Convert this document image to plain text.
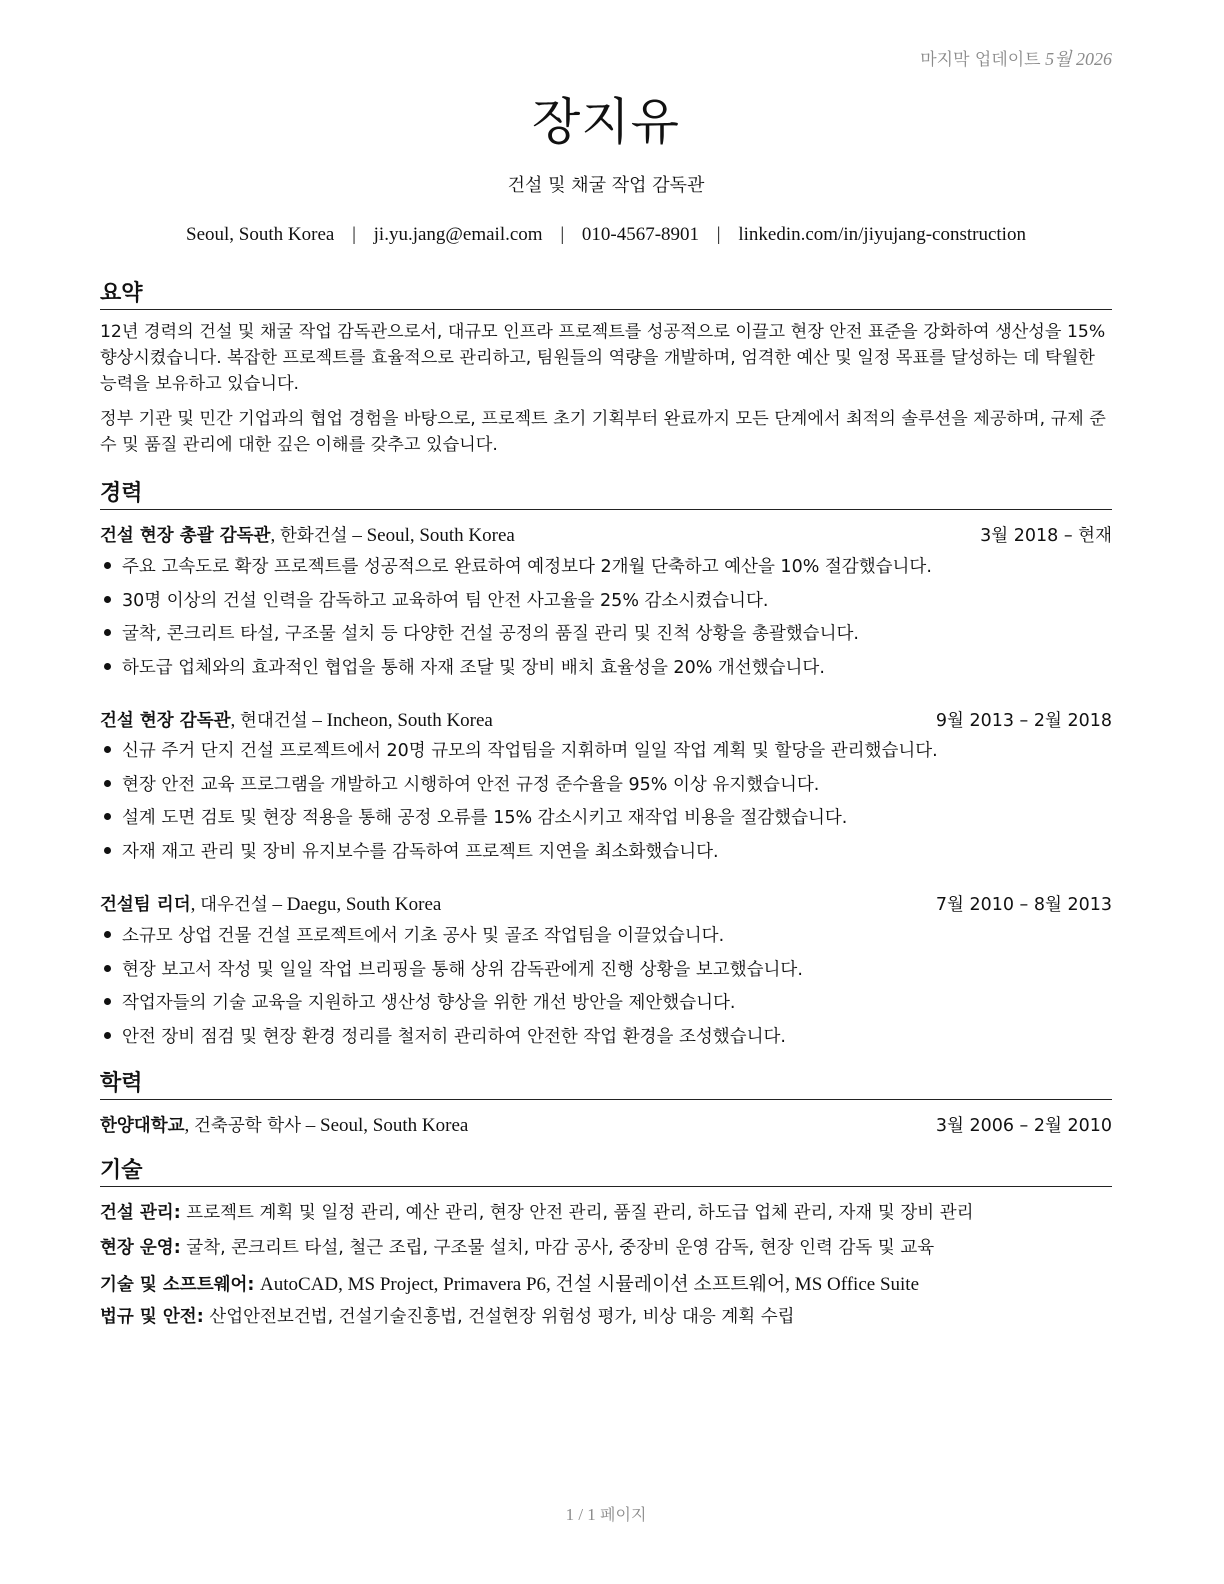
마지막 업데이트 5월 2026
장지유
건설 및 채굴 작업 감독관
Seoul, South Korea | ji.yu.jang@email.com | 010-4567-8901 | linkedin.com/in/jiyujang-construction
요약
12년 경력의 건설 및 채굴 작업 감독관으로서, 대규모 인프라 프로젝트를 성공적으로 이끌고 현장 안전 표준을 강화하여 생산성을 15% 향상시켰습니다. 복잡한 프로젝트를 효율적으로 관리하고, 팀원들의 역량을 개발하며, 엄격한 예산 및 일정 목표를 달성하는 데 탁월한 능력을 보유하고 있습니다.
정부 기관 및 민간 기업과의 협업 경험을 바탕으로, 프로젝트 초기 기획부터 완료까지 모든 단계에서 최적의 솔루션을 제공하며, 규제 준수 및 품질 관리에 대한 깊은 이해를 갖추고 있습니다.
경력
건설 현장 총괄 감독관, 한화건설 – Seoul, South Korea	3월 2018 – 현재
주요 고속도로 확장 프로젝트를 성공적으로 완료하여 예정보다 2개월 단축하고 예산을 10% 절감했습니다.
30명 이상의 건설 인력을 감독하고 교육하여 팀 안전 사고율을 25% 감소시켰습니다.
굴착, 콘크리트 타설, 구조물 설치 등 다양한 건설 공정의 품질 관리 및 진척 상황을 총괄했습니다.
하도급 업체와의 효과적인 협업을 통해 자재 조달 및 장비 배치 효율성을 20% 개선했습니다.
건설 현장 감독관, 현대건설 – Incheon, South Korea	9월 2013 – 2월 2018
신규 주거 단지 건설 프로젝트에서 20명 규모의 작업팀을 지휘하며 일일 작업 계획 및 할당을 관리했습니다.
현장 안전 교육 프로그램을 개발하고 시행하여 안전 규정 준수율을 95% 이상 유지했습니다.
설계 도면 검토 및 현장 적용을 통해 공정 오류를 15% 감소시키고 재작업 비용을 절감했습니다.
자재 재고 관리 및 장비 유지보수를 감독하여 프로젝트 지연을 최소화했습니다.
건설팀 리더, 대우건설 – Daegu, South Korea	7월 2010 – 8월 2013
소규모 상업 건물 건설 프로젝트에서 기초 공사 및 골조 작업팀을 이끌었습니다.
현장 보고서 작성 및 일일 작업 브리핑을 통해 상위 감독관에게 진행 상황을 보고했습니다.
작업자들의 기술 교육을 지원하고 생산성 향상을 위한 개선 방안을 제안했습니다.
안전 장비 점검 및 현장 환경 정리를 철저히 관리하여 안전한 작업 환경을 조성했습니다.
학력
한양대학교, 건축공학 학사 – Seoul, South Korea	3월 2006 – 2월 2010
기술
건설 관리: 프로젝트 계획 및 일정 관리, 예산 관리, 현장 안전 관리, 품질 관리, 하도급 업체 관리, 자재 및 장비 관리
현장 운영: 굴착, 콘크리트 타설, 철근 조립, 구조물 설치, 마감 공사, 중장비 운영 감독, 현장 인력 감독 및 교육
기술 및 소프트웨어: AutoCAD, MS Project, Primavera P6, 건설 시뮬레이션 소프트웨어, MS Office Suite
법규 및 안전: 산업안전보건법, 건설기술진흥법, 건설현장 위험성 평가, 비상 대응 계획 수립
1 / 1 페이지
